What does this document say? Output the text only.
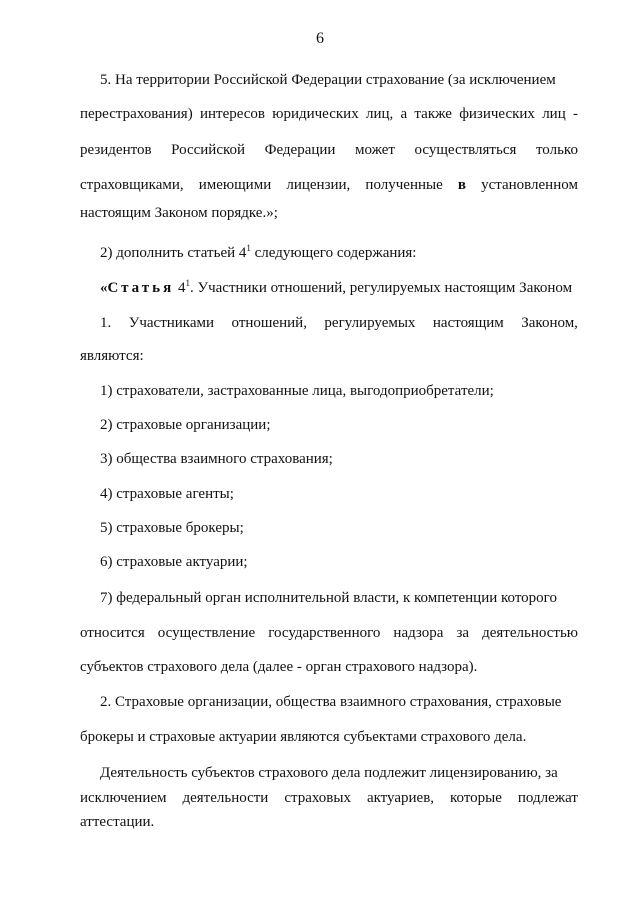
6
5. На территории Российской Федерации страхование (за исключением
перестрахования) интересов юридических лиц, а также физических лиц -
резидентов Российской Федерации может осуществляться только
страховщиками, имеющими лицензии, полученные в установленном
настоящим Законом порядке.»;
2) дополнить статьей $4^1$ следующего содержания:
«Статья $4^1$. Участники отношений, регулируемых настоящим Законом
1. Участниками отношений, регулируемых настоящим Законом,
являются:
1) страхователи, застрахованные лица, выгодоприобретатели;
2) страховые организации;
3) общества взаимного страхования;
4) страховые агенты;
5) страховые брокеры;
6) страховые актуарии;
7) федеральный орган исполнительной власти, к компетенции которого
относится осуществление государственного надзора за деятельностью
субъектов страхового дела (далее - орган страхового надзора).
2. Страховые организации, общества взаимного страхования, страховые
брокеры и страховые актуарии являются субъектами страхового дела.
Деятельность субъектов страхового дела подлежит лицензированию, за
исключением деятельности страховых актуариев, которые подлежат
аттестации.
